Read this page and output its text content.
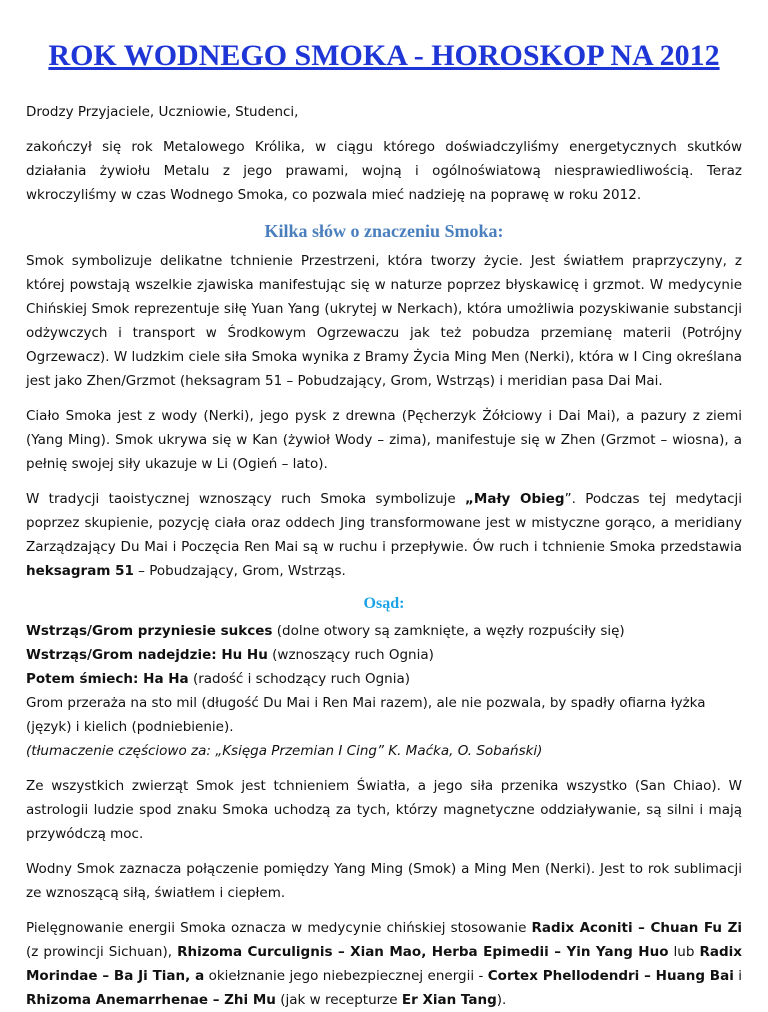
ROK WODNEGO SMOKA - HOROSKOP NA 2012

Drodzy Przyjaciele, Uczniowie, Studenci,

zakończył się rok Metalowego Królika, w ciągu którego doświadczyliśmy energetycznych skutków działania żywiołu Metalu z jego prawami, wojną i ogólnoświatową niesprawiedliwością. Teraz wkroczyliśmy w czas Wodnego Smoka, co pozwala mieć nadzieję na poprawę w roku 2012.

Kilka słów o znaczeniu Smoka:

Smok symbolizuje delikatne tchnienie Przestrzeni, która tworzy życie. Jest światłem praprzyczyny, z której powstają wszelkie zjawiska manifestując się w naturze poprzez błyskawicę i grzmot. W medycynie Chińskiej Smok reprezentuje siłę Yuan Yang (ukrytej w Nerkach), która umożliwia pozyskiwanie substancji odżywczych i transport w Środkowym Ogrzewaczu jak też pobudza przemianę materii (Potrójny Ogrzewacz). W ludzkim ciele siła Smoka wynika z Bramy Życia Ming Men (Nerki), która w I Cing określana jest jako Zhen/Grzmot (heksagram 51 – Pobudzający, Grom, Wstrząs) i meridian pasa Dai Mai.

Ciało Smoka jest z wody (Nerki), jego pysk z drewna (Pęcherzyk Żółciowy i Dai Mai), a pazury z ziemi (Yang Ming). Smok ukrywa się w Kan (żywioł Wody – zima), manifestuje się w Zhen (Grzmot – wiosna), a pełnię swojej siły ukazuje w Li (Ogień – lato).

W tradycji taoistycznej wznoszący ruch Smoka symbolizuje „Mały Obieg”. Podczas tej medytacji poprzez skupienie, pozycję ciała oraz oddech Jing transformowane jest w mistyczne gorąco, a meridiany Zarządzający Du Mai i Poczęcia Ren Mai są w ruchu i przepływie. Ów ruch i tchnienie Smoka przedstawia heksagram 51 – Pobudzający, Grom, Wstrząs.

Osąd:

Wstrząs/Grom przyniesie sukces (dolne otwory są zamknięte, a węzły rozpuściły się)

Wstrząs/Grom nadejdzie: Hu Hu (wznoszący ruch Ognia)

Potem śmiech: Ha Ha (radość i schodzący ruch Ognia)

Grom przeraża na sto mil (długość Du Mai i Ren Mai razem), ale nie pozwala, by spadły ofiarna łyżka (język) i kielich (podniebienie).

(tłumaczenie częściowo za: „Księga Przemian I Cing” K. Maćka, O. Sobański)

Ze wszystkich zwierząt Smok jest tchnieniem Światła, a jego siła przenika wszystko (San Chiao). W astrologii ludzie spod znaku Smoka uchodzą za tych, którzy magnetyczne oddziaływanie, są silni i mają przywódczą moc.

Wodny Smok zaznacza połączenie pomiędzy Yang Ming (Smok) a Ming Men (Nerki). Jest to rok sublimacji ze wznoszącą siłą, światłem i ciepłem.

Pielęgnowanie energii Smoka oznacza w medycynie chińskiej stosowanie Radix Aconiti – Chuan Fu Zi (z prowincji Sichuan), Rhizoma Curculignis – Xian Mao, Herba Epimedii – Yin Yang Huo lub Radix Morindae – Ba Ji Tian, a okiełznanie jego niebezpiecznej energii - Cortex Phellodendri – Huang Bai i Rhizoma Anemarrhenae – Zhi Mu (jak w recepturze Er Xian Tang).
